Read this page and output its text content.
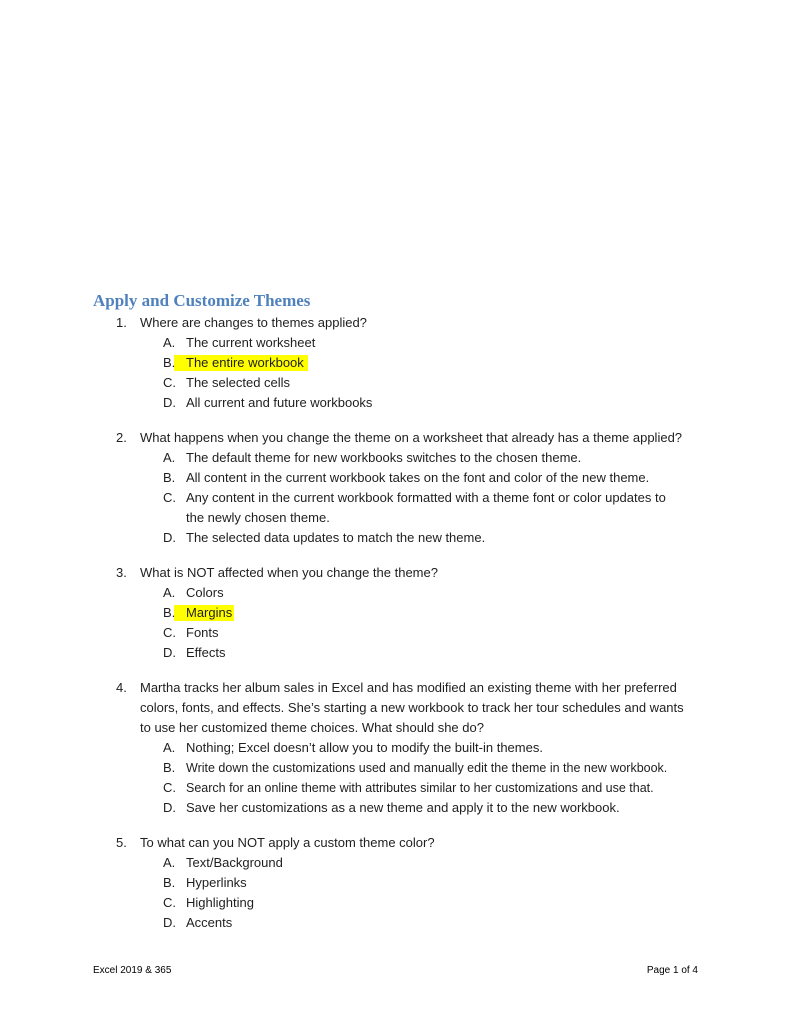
Apply and Customize Themes
1.	Where are changes to themes applied?
A. The current worksheet
B. The entire workbook
C. The selected cells
D. All current and future workbooks
2.	What happens when you change the theme on a worksheet that already has a theme applied?
A. The default theme for new workbooks switches to the chosen theme.
B. All content in the current workbook takes on the font and color of the new theme.
C. Any content in the current workbook formatted with a theme font or color updates to the newly chosen theme.
D. The selected data updates to match the new theme.
3.	What is NOT affected when you change the theme?
A. Colors
B. Margins
C. Fonts
D. Effects
4.	Martha tracks her album sales in Excel and has modified an existing theme with her preferred colors, fonts, and effects. She’s starting a new workbook to track her tour schedules and wants to use her customized theme choices. What should she do?
A. Nothing; Excel doesn’t allow you to modify the built-in themes.
B. Write down the customizations used and manually edit the theme in the new workbook.
C. Search for an online theme with attributes similar to her customizations and use that.
D. Save her customizations as a new theme and apply it to the new workbook.
5.	To what can you NOT apply a custom theme color?
A. Text/Background
B. Hyperlinks
C. Highlighting
D. Accents
Excel 2019 & 365	Page 1 of 4
